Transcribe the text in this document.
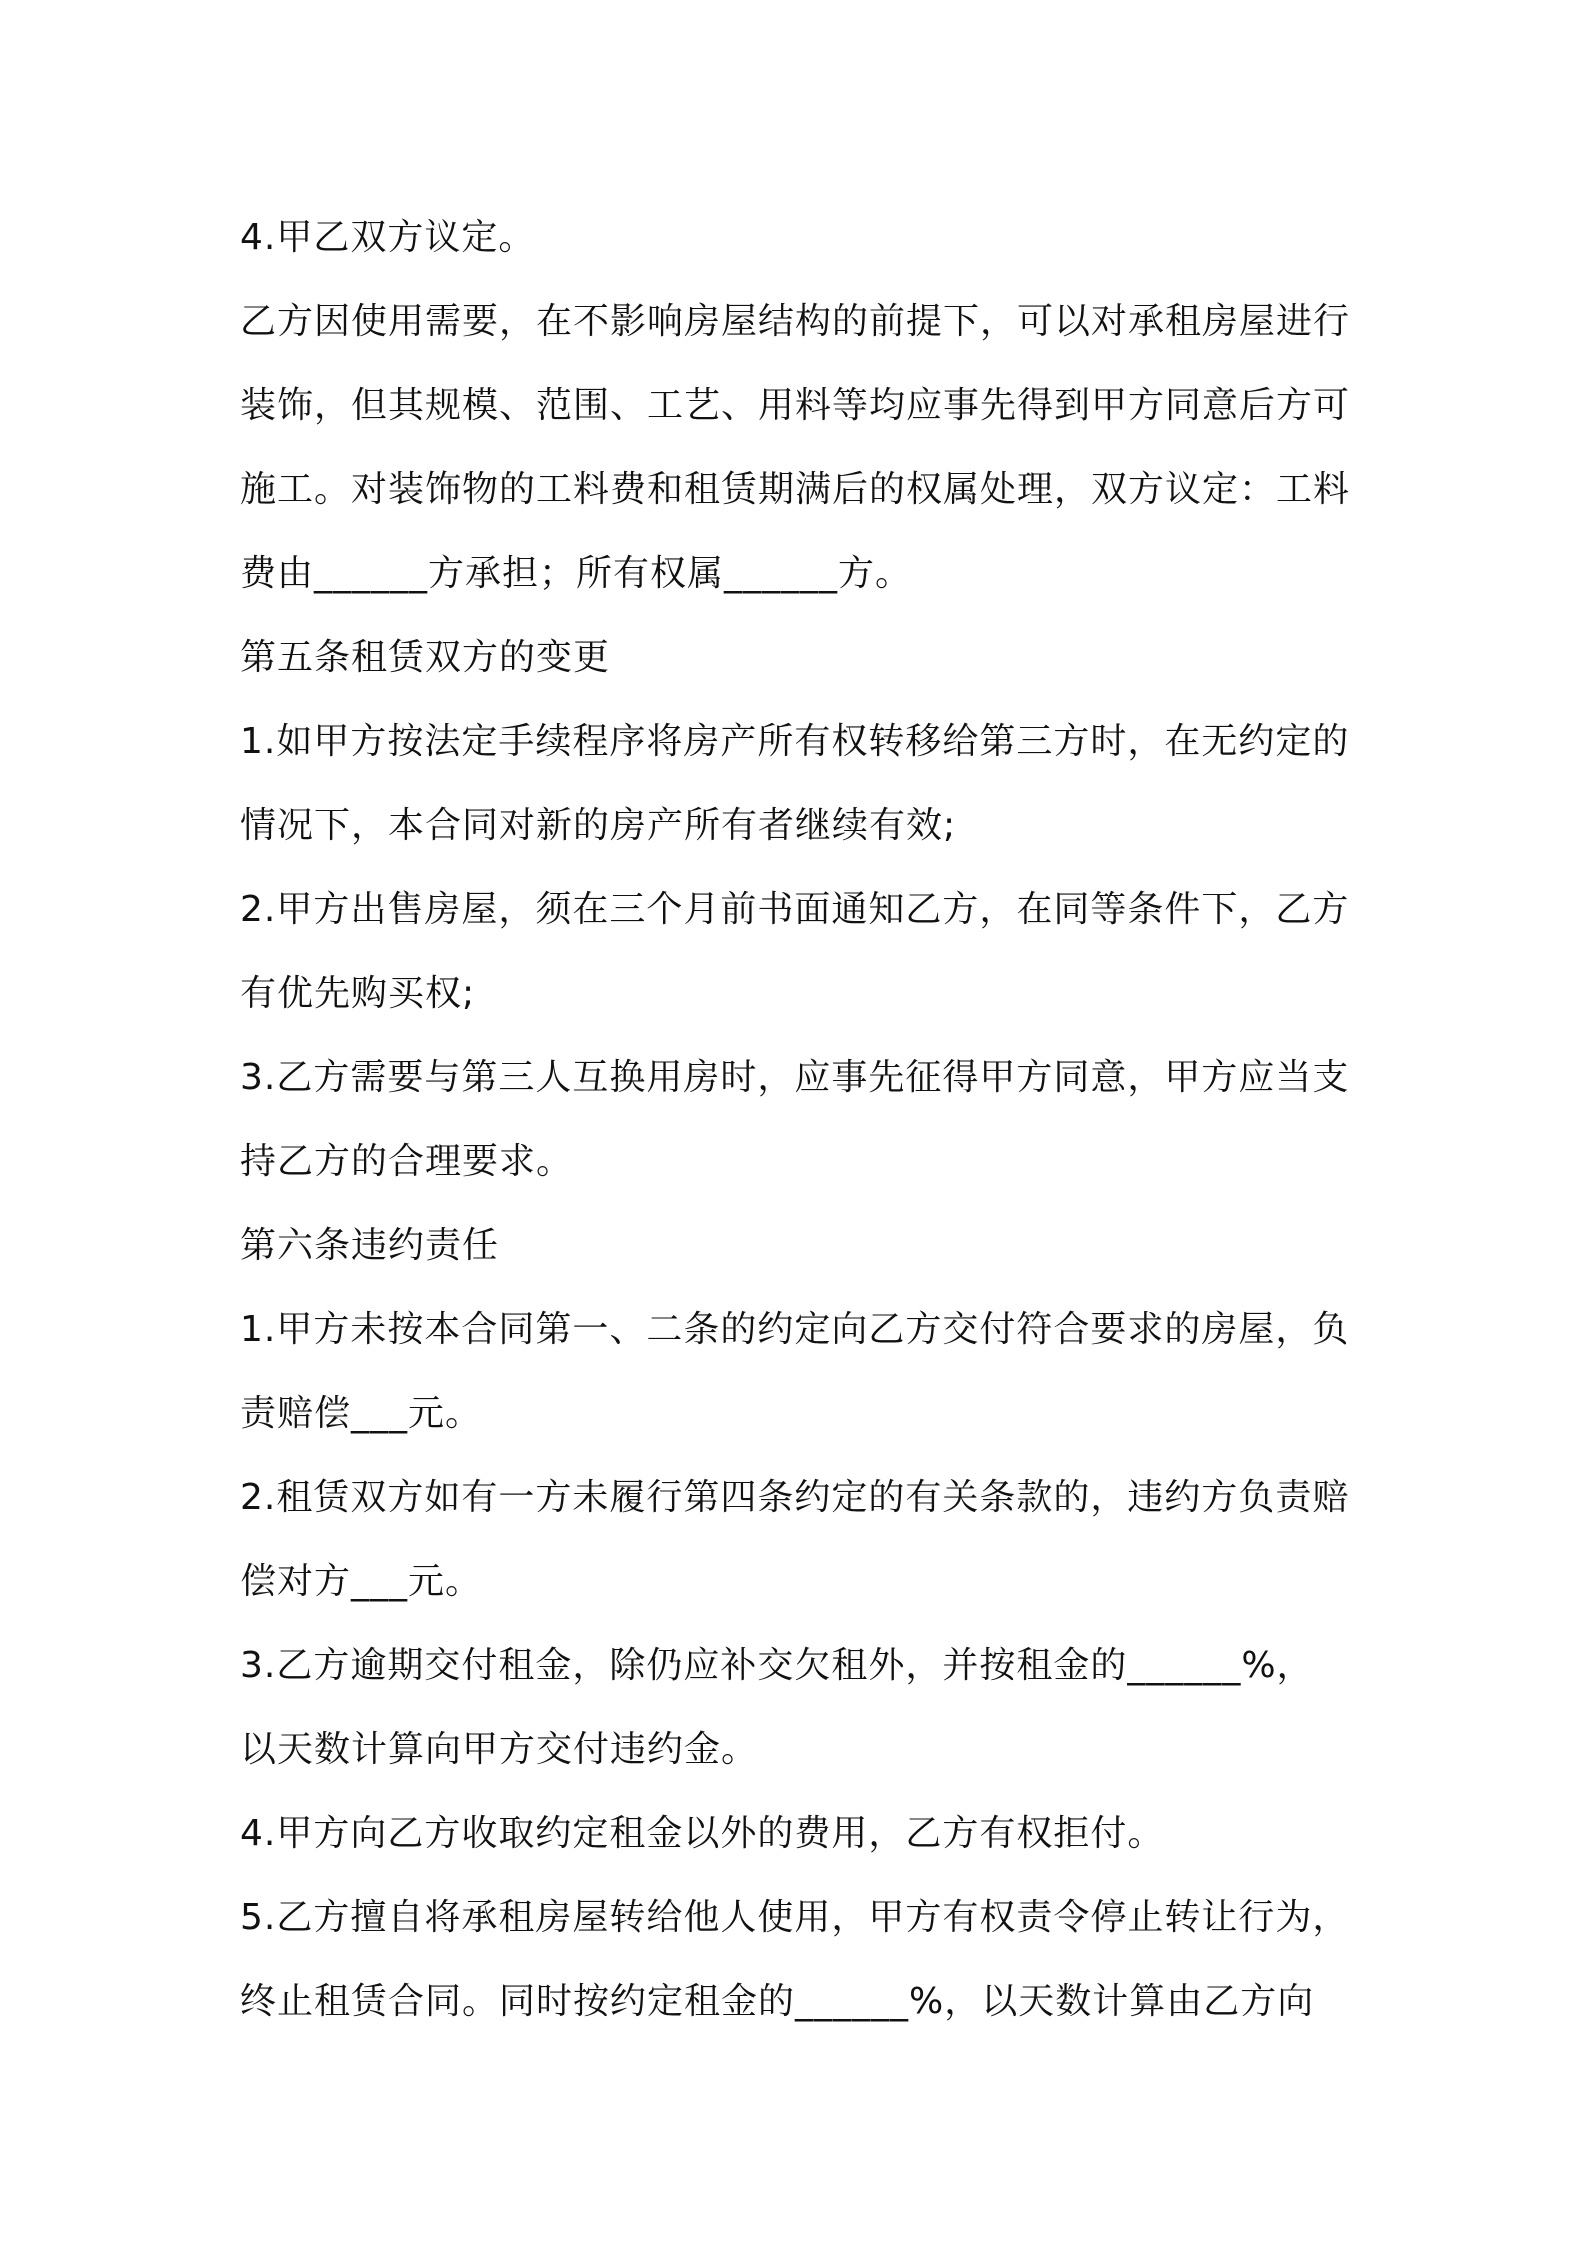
4.甲乙双方议定。
乙方因使用需要，在不影响房屋结构的前提下，可以对承租房屋进行
装饰，但其规模、范围、工艺、用料等均应事先得到甲方同意后方可
施工。对装饰物的工料费和租赁期满后的权属处理，双方议定：工料
费由______方承担；所有权属______方。
第五条租赁双方的变更
1.如甲方按法定手续程序将房产所有权转移给第三方时，在无约定的
情况下，本合同对新的房产所有者继续有效;
2.甲方出售房屋，须在三个月前书面通知乙方，在同等条件下，乙方
有优先购买权;
3.乙方需要与第三人互换用房时，应事先征得甲方同意，甲方应当支
持乙方的合理要求。
第六条违约责任
1.甲方未按本合同第一、二条的约定向乙方交付符合要求的房屋，负
责赔偿___元。
2.租赁双方如有一方未履行第四条约定的有关条款的，违约方负责赔
偿对方___元。
3.乙方逾期交付租金，除仍应补交欠租外，并按租金的______%，
以天数计算向甲方交付违约金。
4.甲方向乙方收取约定租金以外的费用，乙方有权拒付。
5.乙方擅自将承租房屋转给他人使用，甲方有权责令停止转让行为，
终止租赁合同。同时按约定租金的______%，以天数计算由乙方向
